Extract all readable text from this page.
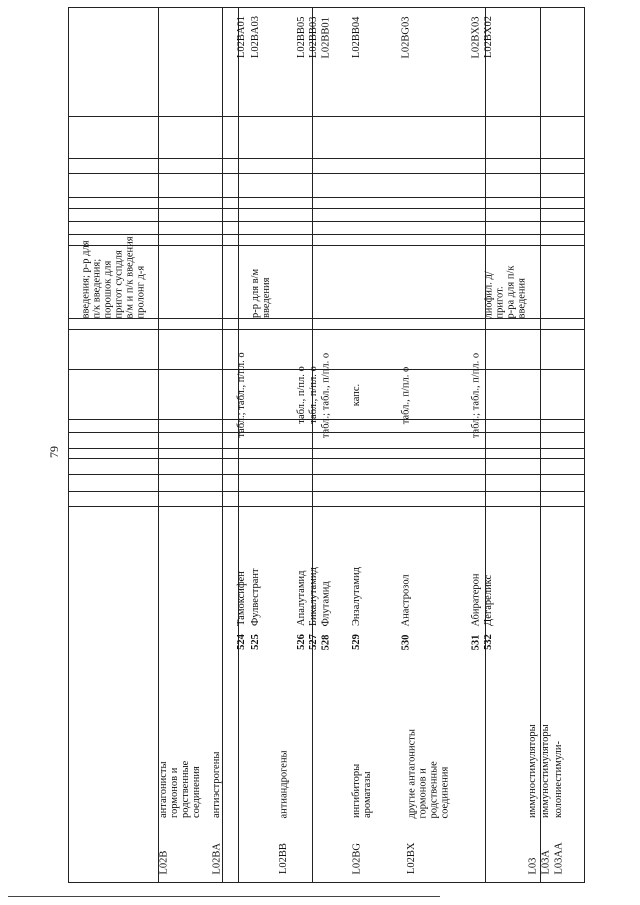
79
L02B
антагонисты
гормонов и
родственные
соединения
L02BA
антиэстрогены
L02BB
антиандрогены
L02BG
ингибиторы
ароматазы
L02BX
другие антагонисты
гормонов и
родственные
соединения
L03
иммуностимуляторы
L03A
иммуностимуляторы
L03AA
колониестимули-
524
Тамоксифен
табл.; табл., п/пл. о
L02BA01
525
Фулвестрант
L02BA03
526
Апалутамид
табл., п/пл. о
L02BB05
527
Бикалутамид
табл., п/пл. о
L02BB03
528
Флутамид
табл.; табл., п/пл. о
L02BB01
529
Энзалутамид
капс.
L02BB04
530
Анастрозол
табл., п/пл. о
L02BG03
531
Абиратерон
табл.; табл., п/пл. о
L02BX03
532
Дегареликс
L02BX02
введения; р-р для
п/к введения;
порошок для
пригот суспдля
в/м и п/к введения
пролонг д-я
р-р для в/м
введения	лиофил. д/пригот.
р-ра для п/к
введения
